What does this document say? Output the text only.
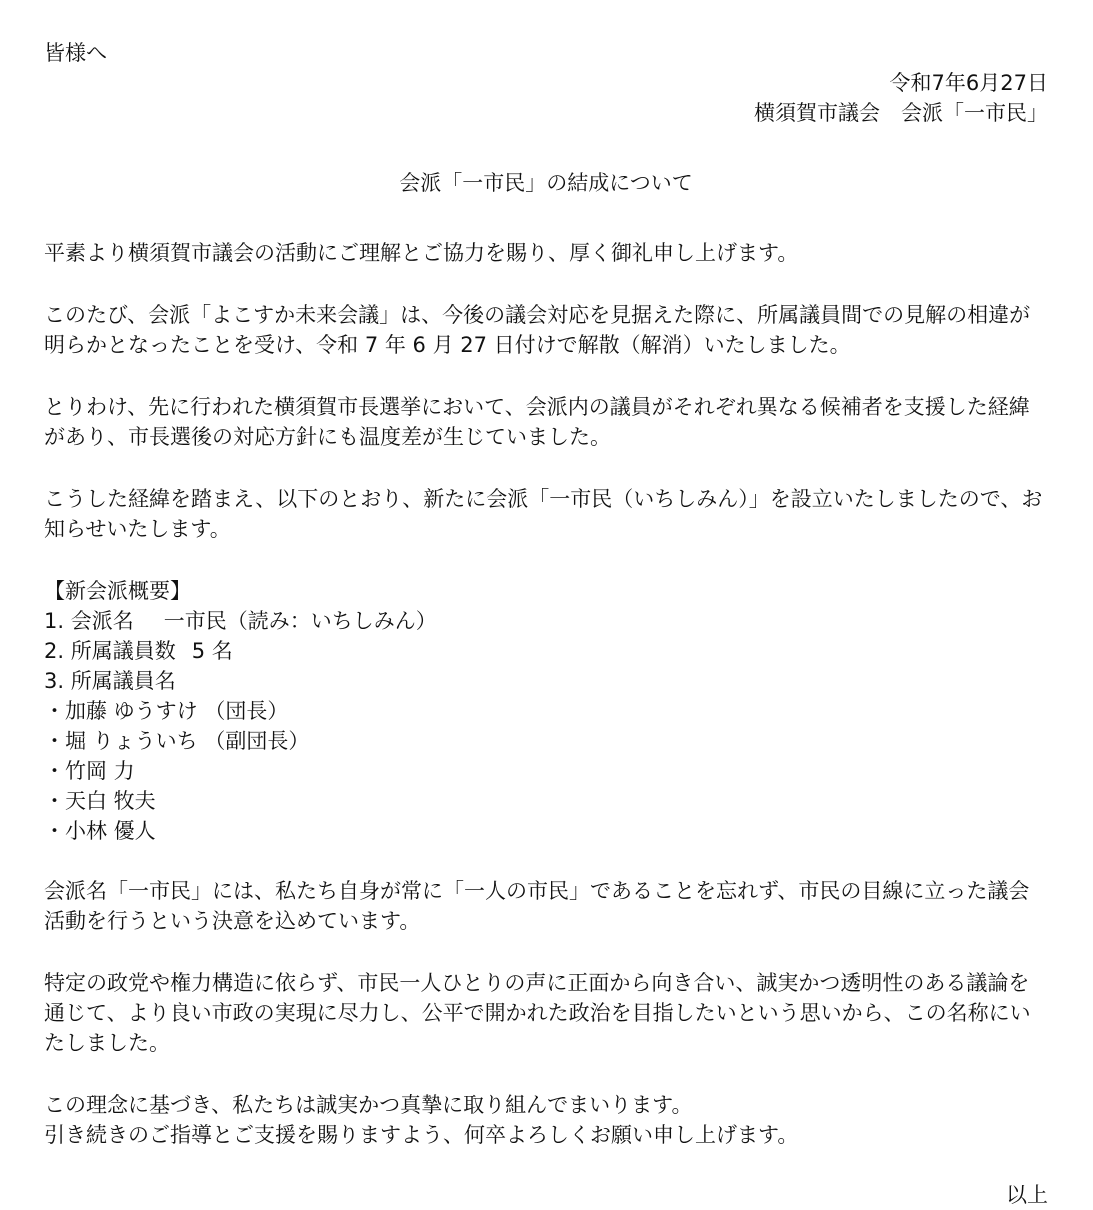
皆様へ
令和7年6月27日
横須賀市議会　会派「一市民」
会派「一市民」の結成について

平素より横須賀市議会の活動にご理解とご協力を賜り、厚く御礼申し上げます。

このたび、会派「よこすか未来会議」は、今後の議会対応を見据えた際に、所属議員間での見解の相違が明らかとなったことを受け、令和 7 年 6 月 27 日付けで解散（解消）いたしました。

とりわけ、先に行われた横須賀市長選挙において、会派内の議員がそれぞれ異なる候補者を支援した経緯があり、市長選後の対応方針にも温度差が生じていました。

こうした経緯を踏まえ、以下のとおり、新たに会派「一市民（いちしみん）」を設立いたしましたので、お知らせいたします。

【新会派概要】
1. 会派名 一市民（読み：いちしみん）
2. 所属議員数 5 名
3. 所属議員名
・加藤 ゆうすけ （団長）
・堀 りょういち （副団長）
・竹岡 力
・天白 牧夫
・小林 優人

会派名「一市民」には、私たち自身が常に「一人の市民」であることを忘れず、市民の目線に立った議会活動を行うという決意を込めています。

特定の政党や権力構造に依らず、市民一人ひとりの声に正面から向き合い、誠実かつ透明性のある議論を通じて、より良い市政の実現に尽力し、公平で開かれた政治を目指したいという思いから、この名称にいたしました。

この理念に基づき、私たちは誠実かつ真摯に取り組んでまいります。
引き続きのご指導とご支援を賜りますよう、何卒よろしくお願い申し上げます。
以上
